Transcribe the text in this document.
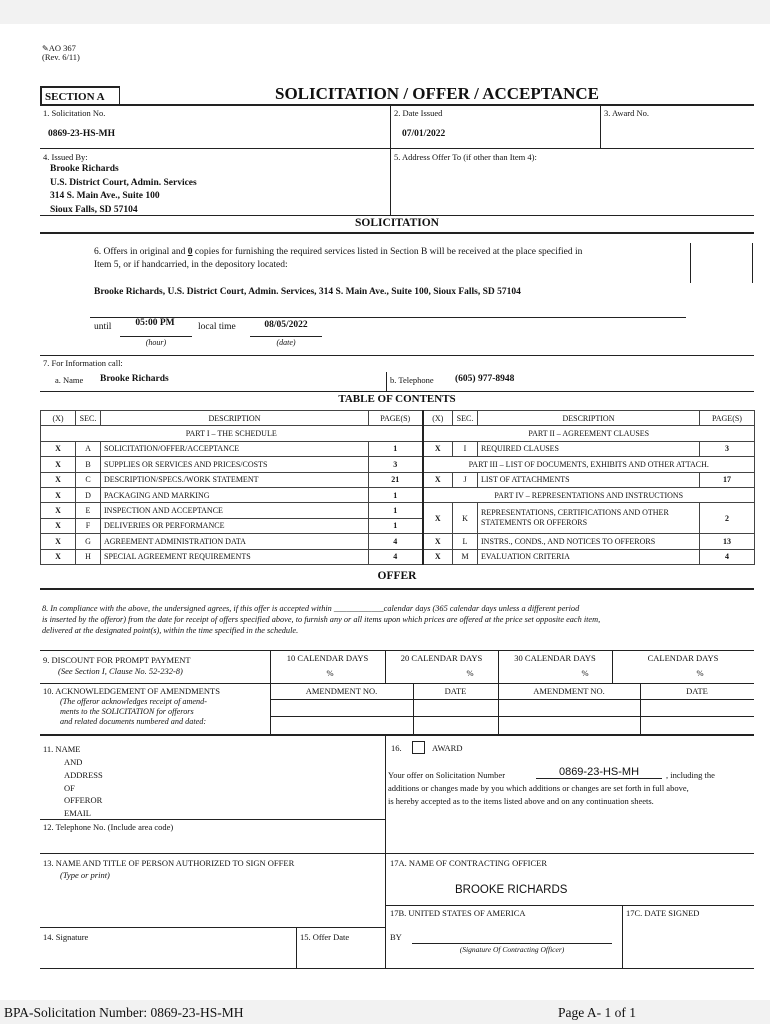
✎AO 367
(Rev. 6/11)
SECTION A	SOLICITATION / OFFER / ACCEPTANCE
1. Solicitation No.
0869-23-HS-MH
2. Date Issued
07/01/2022
3. Award No.
4. Issued By:
Brooke Richards
U.S. District Court, Admin. Services
314 S. Main Ave., Suite 100
Sioux Falls, SD 57104
5. Address Offer To (if other than Item 4):
SOLICITATION
6. Offers in original and 0 copies for furnishing the required services listed in Section B will be received at the place specified in
Item 5, or if handcarried, in the depository located:
Brooke Richards, U.S. District Court, Admin. Services, 314 S. Main Ave., Suite 100, Sioux Falls, SD 57104
until	05:00 PM
(hour)
local time	08/05/2022
(date)
7. For Information call:
a. Name Brooke Richards	b. Telephone (605) 977-8948
TABLE OF CONTENTS
(X)	SEC.	DESCRIPTION	PAGE(S)	(X)	SEC.	DESCRIPTION	PAGE(S)
PART I – THE SCHEDULE				PART II – AGREEMENT CLAUSES			
X	A	SOLICITATION/OFFER/ACCEPTANCE	1	X	I	REQUIRED CLAUSES	3
X	B	SUPPLIES OR SERVICES AND PRICES/COSTS	3	PART III – LIST OF DOCUMENTS, EXHIBITS AND OTHER ATTACH.			
X	C	DESCRIPTION/SPECS./WORK STATEMENT	21	X	J	LIST OF ATTACHMENTS	17
X	D	PACKAGING AND MARKING	1	PART IV – REPRESENTATIONS AND INSTRUCTIONS			
X	E	INSPECTION AND ACCEPTANCE	1	X	K	REPRESENTATIONS, CERTIFICATIONS AND OTHER STATEMENTS OR OFFERORS	2
X	F	DELIVERIES OR PERFORMANCE	1				
X	G	AGREEMENT ADMINISTRATION DATA	4	X	L	INSTRS., CONDS., AND NOTICES TO OFFERORS	13
X	H	SPECIAL AGREEMENT REQUIREMENTS	4	X	M	EVALUATION CRITERIA	4
OFFER
8. In compliance with the above, the undersigned agrees, if this offer is accepted within ____________calendar days (365 calendar days unless a different period
is inserted by the offeror) from the date for receipt of offers specified above, to furnish any or all items upon which prices are offered at the price set opposite each item,
delivered at the designated point(s), within the time specified in the schedule.
9. DISCOUNT FOR PROMPT PAYMENT
(See Section I, Clause No. 52-232-8)
10 CALENDAR DAYS	20 CALENDAR DAYS	30 CALENDAR DAYS	CALENDAR DAYS
%	%	%	%
10. ACKNOWLEDGEMENT OF AMENDMENTS
(The offeror acknowledges receipt of amend-
ments to the SOLICITATION for offerors
and related documents numbered and dated:
AMENDMENT NO.	DATE	AMENDMENT NO.	DATE
11. NAME
AND
ADDRESS
OF
OFFEROR
EMAIL
12. Telephone No. (Include area code)
16.	AWARD
Your offer on Solicitation Number	0869-23-HS-MH	, including the
additions or changes made by you which additions or changes are set forth in full above,
is hereby accepted as to the items listed above and on any continuation sheets.
13. NAME AND TITLE OF PERSON AUTHORIZED TO SIGN OFFER
(Type or print)
17A. NAME OF CONTRACTING OFFICER
BROOKE RICHARDS
17B. UNITED STATES OF AMERICA	17C. DATE SIGNED
14. Signature	15. Offer Date	BY
(Signature Of Contracting Officer)
BPA-Solicitation Number: 0869-23-HS-MH	Page A- 1 of 1
